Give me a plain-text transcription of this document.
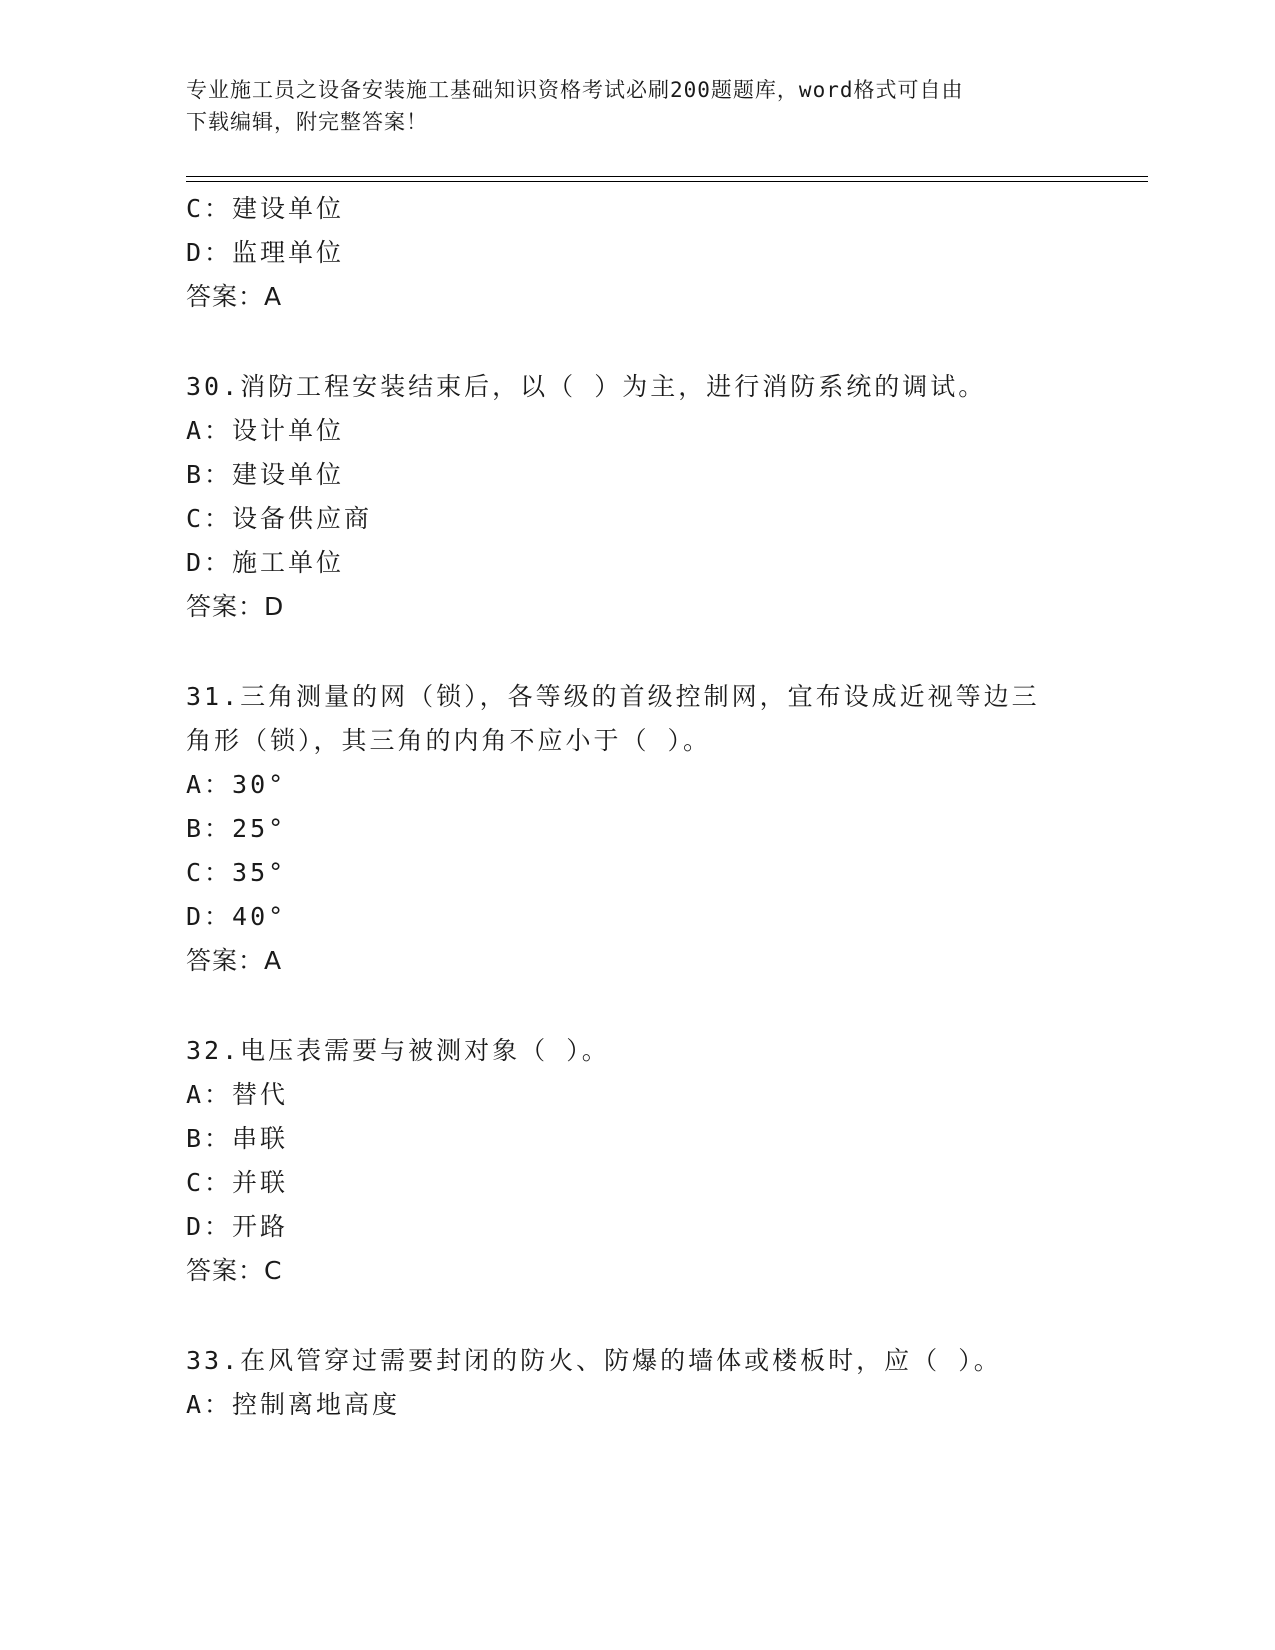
专业施工员之设备安装施工基础知识资格考试必刷200题题库，word格式可自由
下载编辑，附完整答案！
C：建设单位
D：监理单位
答案：A
30.消防工程安装结束后，以（ ）为主，进行消防系统的调试。
A：设计单位
B：建设单位
C：设备供应商
D：施工单位
答案：D
31.三角测量的网（锁），各等级的首级控制网，宜布设成近视等边三
角形（锁），其三角的内角不应小于（ ）。
A：30°
B：25°
C：35°
D：40°
答案：A
32.电压表需要与被测对象（ ）。
A：替代
B：串联
C：并联
D：开路
答案：C
33.在风管穿过需要封闭的防火、防爆的墙体或楼板时，应（ ）。
A：控制离地高度
